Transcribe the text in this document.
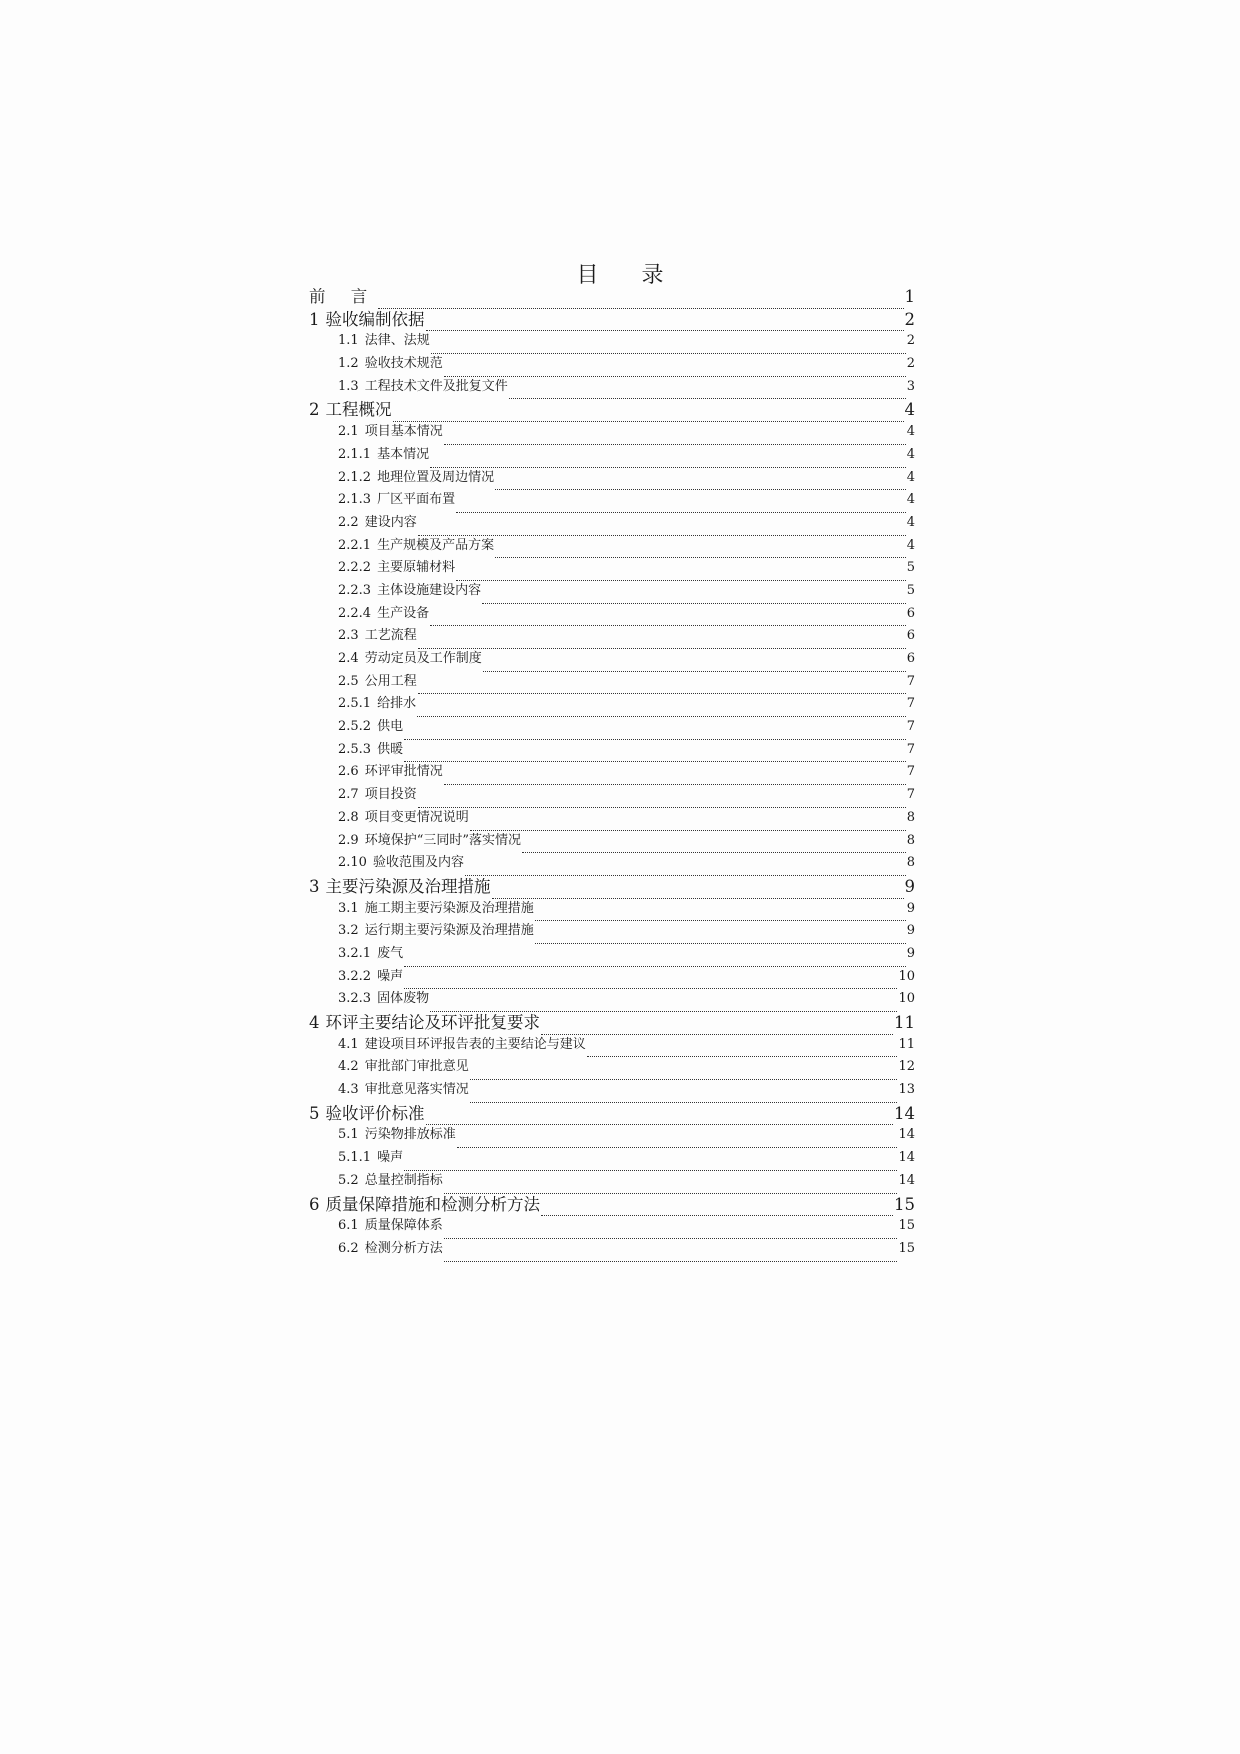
目 录
前 言	1
1 验收编制依据	2
1.1 法律、法规	2
1.2 验收技术规范	2
1.3 工程技术文件及批复文件	3
2 工程概况	4
2.1 项目基本情况	4
2.1.1 基本情况	4
2.1.2 地理位置及周边情况	4
2.1.3 厂区平面布置	4
2.2 建设内容	4
2.2.1 生产规模及产品方案	4
2.2.2 主要原辅材料	5
2.2.3 主体设施建设内容	5
2.2.4 生产设备	6
2.3 工艺流程	6
2.4 劳动定员及工作制度	6
2.5 公用工程	7
2.5.1 给排水	7
2.5.2 供电	7
2.5.3 供暖	7
2.6 环评审批情况	7
2.7 项目投资	7
2.8 项目变更情况说明	8
2.9 环境保护“三同时”落实情况	8
2.10 验收范围及内容	8
3 主要污染源及治理措施	9
3.1 施工期主要污染源及治理措施	9
3.2 运行期主要污染源及治理措施	9
3.2.1 废气	9
3.2.2 噪声	10
3.2.3 固体废物	10
4 环评主要结论及环评批复要求	11
4.1 建设项目环评报告表的主要结论与建议	11
4.2 审批部门审批意见	12
4.3 审批意见落实情况	13
5 验收评价标准	14
5.1 污染物排放标准	14
5.1.1 噪声	14
5.2 总量控制指标	14
6 质量保障措施和检测分析方法	15
6.1 质量保障体系	15
6.2 检测分析方法	15
